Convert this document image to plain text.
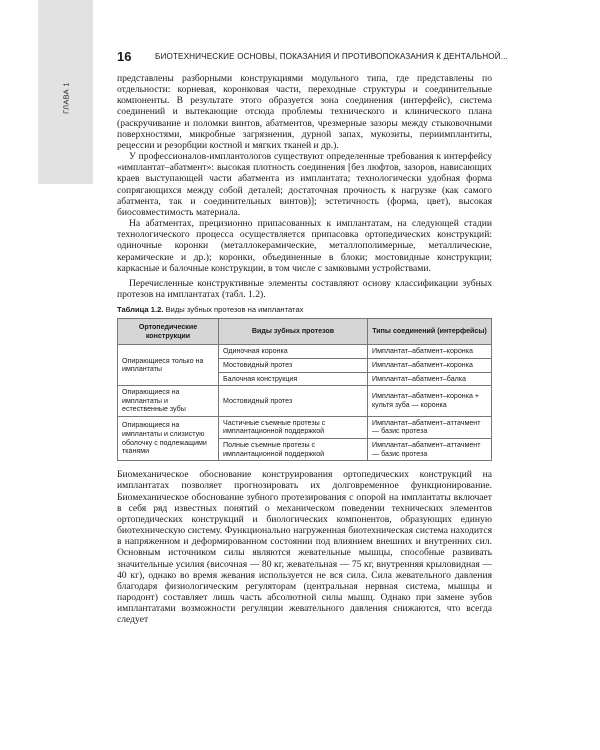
ГЛАВА 1
16	БИОТЕХНИЧЕСКИЕ ОСНОВЫ, ПОКАЗАНИЯ И ПРОТИВОПОКАЗАНИЯ К ДЕНТАЛЬНОЙ...

представлены разборными конструкциями модульного типа, где представлены по отдельности: корневая, коронковая части, переходные структуры и соединительные компоненты. В результате этого образуется зона соединения (интерфейс), система соединений и вытекающие отсюда проблемы технического и клинического плана (раскручивание и поломки винтов, абатментов, чрезмерные зазоры между стыковочными поверхностями, микробные загрязнения, дурной запах, мукозиты, периимплантиты, рецессии и резорбции костной и мягких тканей и др.).

У профессионалов-имплантологов существуют определенные требования к интерфейсу «имплантат–абатмент»: высокая плотность соединения [без люфтов, зазоров, нависающих краев выступающей части абатмента из имплантата; технологически удобная форма сопрягающихся между собой деталей; достаточная прочность к нагрузке (как самого абатмента, так и соединительных винтов)]; эстетичность (форма, цвет), высокая биосовместимость материала.

На абатментах, прецизионно припасованных к имплантатам, на следующей стадии технологического процесса осуществляется припасовка ортопедических конструкций: одиночные коронки (металлокерамические, металлополимерные, металлические, керамические и др.); коронки, объединенные в блоки; мостовидные конструкции; каркасные и балочные конструкции, в том числе с замковыми устройствами.

Перечисленные конструктивные элементы составляют основу классификации зубных протезов на имплантатах (табл. 1.2).

Таблица 1.2. Виды зубных протезов на имплантатах
Ортопедические конструкции	Виды зубных протезов	Типы соединений (интерфейсы)
Опирающиеся только на имплантаты	Одиночная коронка	Имплантат–абатмент–коронка
	Мостовидный протез	Имплантат–абатмент–коронка
	Балочная конструкция	Имплантат–абатмент–балка
Опирающиеся на имплантаты и естественные зубы	Мостовидный протез	Имплантат–абатмент–коронка + культя зуба — коронка
Опирающиеся на имплантаты и слизистую оболочку с подлежащими тканями	Частичные съемные протезы с имплантационной поддержкой	Имплантат–абатмент–аттачмент — базис протеза
	Полные съемные протезы с имплантационной поддержкой	Имплантат–абатмент–аттачмент — базис протеза

Биомеханическое обоснование конструирования ортопедических конструкций на имплантатах позволяет прогнозировать их долговременное функционирование. Биомеханическое обоснование зубного протезирования с опорой на имплантаты включает в себя ряд известных понятий о механическом поведении технических элементов ортопедических конструкций и биологических компонентов, образующих единую биотехническую систему. Функционально нагруженная биотехническая система находится в напряженном и деформированном состоянии под влиянием внешних и внутренних сил. Основным источником силы являются жевательные мышцы, способные развивать значительные усилия (височная — 80 кг, жевательная — 75 кг, внутренняя крыловидная — 40 кг), однако во время жевания используется не вся сила. Сила жевательного давления благодаря физиологическим регуляторам (центральная нервная система, мышцы и пародонт) составляет лишь часть абсолютной силы мышц. Однако при замене зубов имплантатами возможности регуляции жевательного давления снижаются, что всегда следует
